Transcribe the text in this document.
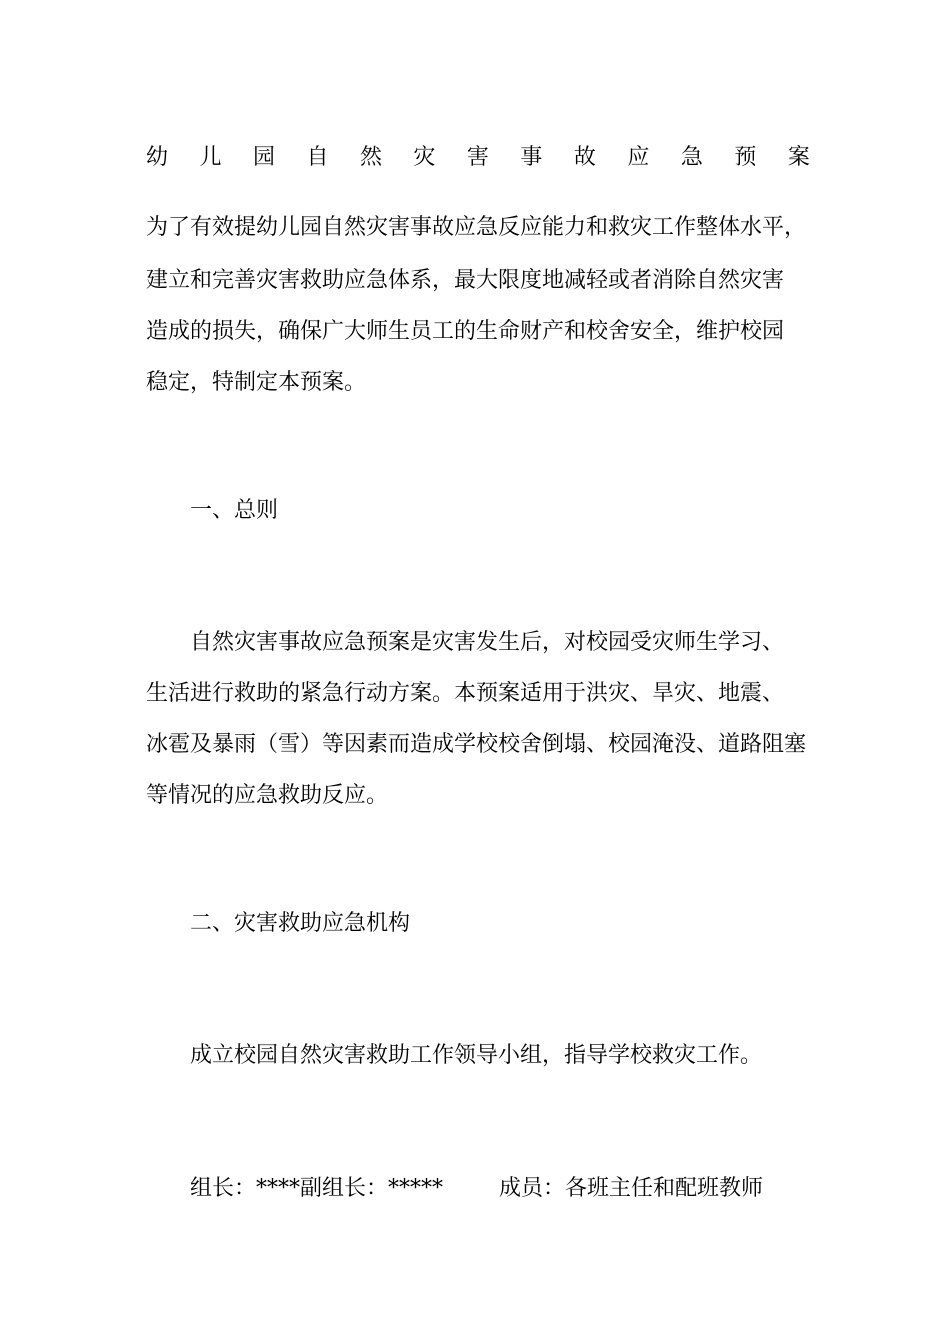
幼 儿 园 自 然 灾 害 事 故 应 急 预 案
为了有效提幼儿园自然灾害事故应急反应能力和救灾工作整体水平，
建立和完善灾害救助应急体系，最大限度地减轻或者消除自然灾害
造成的损失，确保广大师生员工的生命财产和校舍安全，维护校园
稳定，特制定本预案。
一、总则
自然灾害事故应急预案是灾害发生后，对校园受灾师生学习、
生活进行救助的紧急行动方案。本预案适用于洪灾、旱灾、地震、
冰雹及暴雨（雪）等因素而造成学校校舍倒塌、校园淹没、道路阻塞
等情况的应急救助反应。
二、灾害救助应急机构
成立校园自然灾害救助工作领导小组，指导学校救灾工作。
组长：****副组长：*****        成员：各班主任和配班教师
